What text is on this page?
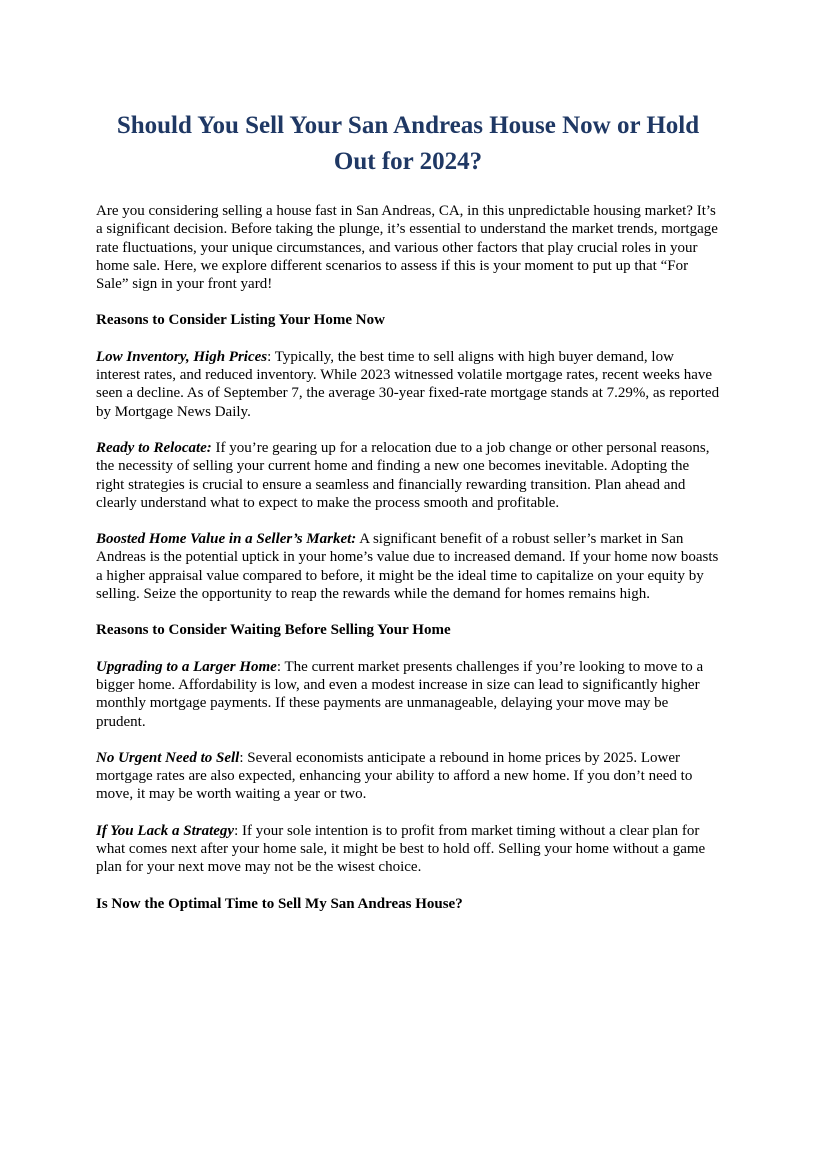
Should You Sell Your San Andreas House Now or Hold Out for 2024?

Are you considering selling a house fast in San Andreas, CA, in this unpredictable housing market? It’s a significant decision. Before taking the plunge, it’s essential to understand the market trends, mortgage rate fluctuations, your unique circumstances, and various other factors that play crucial roles in your home sale. Here, we explore different scenarios to assess if this is your moment to put up that “For Sale” sign in your front yard!

Reasons to Consider Listing Your Home Now

Low Inventory, High Prices: Typically, the best time to sell aligns with high buyer demand, low interest rates, and reduced inventory. While 2023 witnessed volatile mortgage rates, recent weeks have seen a decline. As of September 7, the average 30-year fixed-rate mortgage stands at 7.29%, as reported by Mortgage News Daily.

Ready to Relocate: If you’re gearing up for a relocation due to a job change or other personal reasons, the necessity of selling your current home and finding a new one becomes inevitable. Adopting the right strategies is crucial to ensure a seamless and financially rewarding transition. Plan ahead and clearly understand what to expect to make the process smooth and profitable.

Boosted Home Value in a Seller’s Market: A significant benefit of a robust seller’s market in San Andreas is the potential uptick in your home’s value due to increased demand. If your home now boasts a higher appraisal value compared to before, it might be the ideal time to capitalize on your equity by selling. Seize the opportunity to reap the rewards while the demand for homes remains high.

Reasons to Consider Waiting Before Selling Your Home

Upgrading to a Larger Home: The current market presents challenges if you’re looking to move to a bigger home. Affordability is low, and even a modest increase in size can lead to significantly higher monthly mortgage payments. If these payments are unmanageable, delaying your move may be prudent.

No Urgent Need to Sell: Several economists anticipate a rebound in home prices by 2025. Lower mortgage rates are also expected, enhancing your ability to afford a new home. If you don’t need to move, it may be worth waiting a year or two.

If You Lack a Strategy: If your sole intention is to profit from market timing without a clear plan for what comes next after your home sale, it might be best to hold off. Selling your home without a game plan for your next move may not be the wisest choice.

Is Now the Optimal Time to Sell My San Andreas House?
